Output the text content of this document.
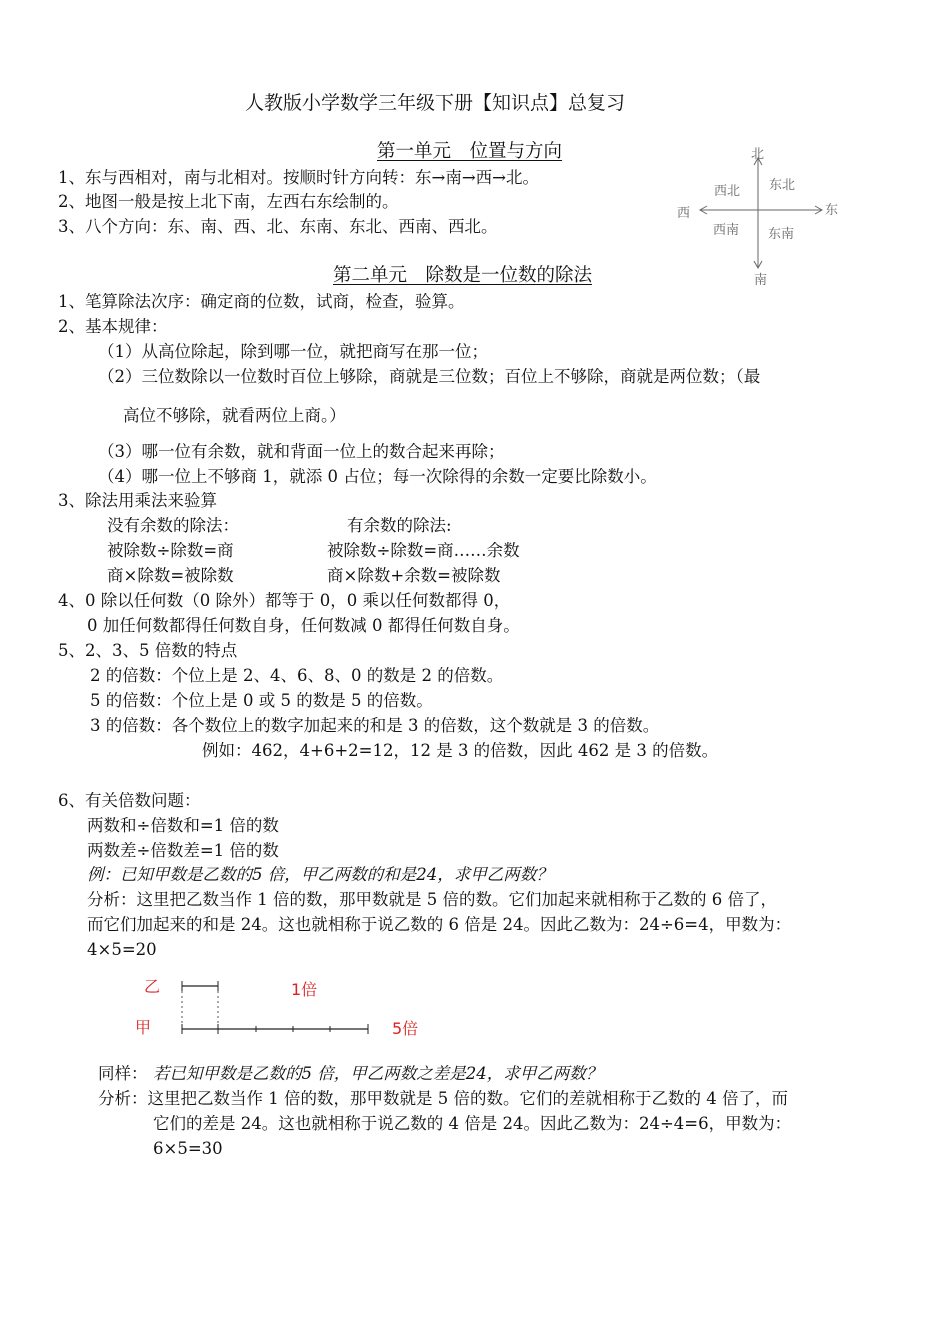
人教版小学数学三年级下册【知识点】总复习
第一单元　位置与方向
1、东与西相对，南与北相对。按顺时针方向转：东→南→西→北。
2、地图一般是按上北下南，左西右东绘制的。
3、八个方向：东、南、西、北、东南、东北、西南、西北。
北
南
东
西
西北 东北
西南 东南
第二单元　除数是一位数的除法
1、笔算除法次序：确定商的位数，试商，检查，验算。
2、基本规律：
（1）从高位除起，除到哪一位，就把商写在那一位；
（2）三位数除以一位数时百位上够除，商就是三位数；百位上不够除，商就是两位数；（最
高位不够除，就看两位上商。）
（3）哪一位有余数，就和背面一位上的数合起来再除；
（4）哪一位上不够商 1，就添 0 占位；每一次除得的余数一定要比除数小。
3、除法用乘法来验算
没有余数的除法：	有余数的除法:
被除数÷除数=商	被除数÷除数=商……余数
商×除数=被除数	商×除数+余数=被除数
4、0 除以任何数（0 除外）都等于 0，0 乘以任何数都得 0，
0 加任何数都得任何数自身，任何数减 0 都得任何数自身。
5、2、3、5 倍数的特点
2 的倍数：个位上是 2、4、6、8、0 的数是 2 的倍数。
5 的倍数：个位上是 0 或 5 的数是 5 的倍数。
3 的倍数：各个数位上的数字加起来的和是 3 的倍数，这个数就是 3 的倍数。
例如：462，4+6+2=12，12 是 3 的倍数，因此 462 是 3 的倍数。
6、有关倍数问题：
两数和÷倍数和=1 倍的数
两数差÷倍数差=1 倍的数
例：已知甲数是乙数的5 倍，甲乙两数的和是24，求甲乙两数？
分析：这里把乙数当作 1 倍的数，那甲数就是 5 倍的数。它们加起来就相称于乙数的 6 倍了，
而它们加起来的和是 24。这也就相称于说乙数的 6 倍是 24。因此乙数为：24÷6=4，甲数为：
4×5=20
乙
甲
1倍
5倍
同样： 若已知甲数是乙数的5 倍，甲乙两数之差是24，求甲乙两数？
分析：这里把乙数当作 1 倍的数，那甲数就是 5 倍的数。它们的差就相称于乙数的 4 倍了，而
它们的差是 24。这也就相称于说乙数的 4 倍是 24。因此乙数为：24÷4=6，甲数为：
6×5=30
